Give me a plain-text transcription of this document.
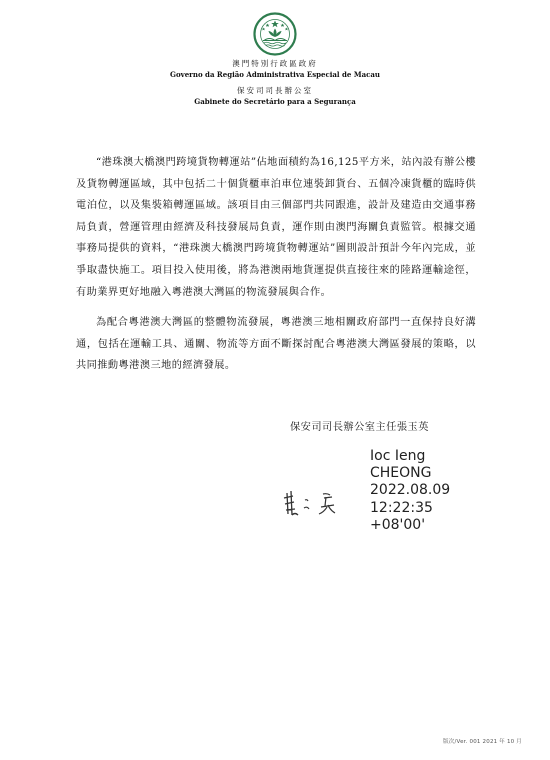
澳門特別行政區政府
Governo da Região Administrativa Especial de Macau
保安司司長辦公室
Gabinete do Secretário para a Segurança

“港珠澳大橋澳門跨境貨物轉運站”佔地面積約為16,125平方米，站內設有辦公樓及貨物轉運區域，其中包括二十個貨櫃車泊車位連裝卸貨台、五個冷凍貨櫃的臨時供電泊位，以及集裝箱轉運區域。該項目由三個部門共同跟進，設計及建造由交通事務局負責，營運管理由經濟及科技發展局負責，運作則由澳門海關負責監管。根據交通事務局提供的資料，“港珠澳大橋澳門跨境貨物轉運站”圖則設計預計今年內完成，並爭取盡快施工。項目投入使用後，將為港澳兩地貨運提供直接往來的陸路運輸途徑，有助業界更好地融入粵港澳大灣區的物流發展與合作。

為配合粵港澳大灣區的整體物流發展，粵港澳三地相關政府部門一直保持良好溝通，包括在運輸工具、通關、物流等方面不斷探討配合粵港澳大灣區發展的策略，以共同推動粵港澳三地的經濟發展。

保安司司長辦公室主任張玉英
Ioc Ieng
CHEONG
2022.08.09
12:22:35
+08'00'
版次/Ver. 001 2021 年 10 月
